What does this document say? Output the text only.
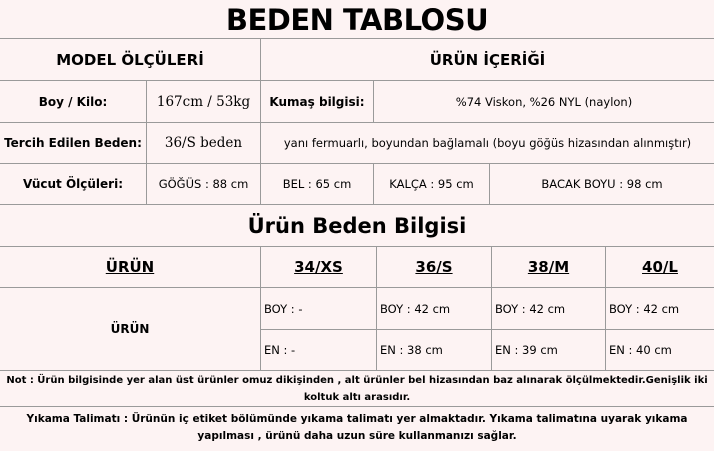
BEDEN TABLOSU
MODEL ÖLÇÜLERİ	ÜRÜN İÇERİĞİ
Boy / Kilo:	167cm / 53kg	Kumaş bilgisi:	%74 Viskon, %26 NYL (naylon)
Tercih Edilen Beden:	36/S beden	yanı fermuarlı, boyundan bağlamalı (boyu göğüs hizasından alınmıştır)
Vücut Ölçüleri:	GÖĞÜS : 88 cm	BEL : 65 cm	KALÇA : 95 cm	BACAK BOYU : 98 cm
Ürün Beden Bilgisi
ÜRÜN	34/XS	36/S	38/M	40/L
ÜRÜN
BOY : -	BOY : 42 cm	BOY : 42 cm	BOY : 42 cm
EN : -	EN : 38 cm	EN : 39 cm	EN : 40 cm
Not : Ürün bilgisinde yer alan üst ürünler omuz dikişinden , alt ürünler bel hizasından baz alınarak ölçülmektedir.Genişlik iki koltuk altı arasıdır.
Yıkama Talimatı : Ürünün iç etiket bölümünde yıkama talimatı yer almaktadır. Yıkama talimatına uyarak yıkama yapılması , ürünü daha uzun süre kullanmanızı sağlar.
